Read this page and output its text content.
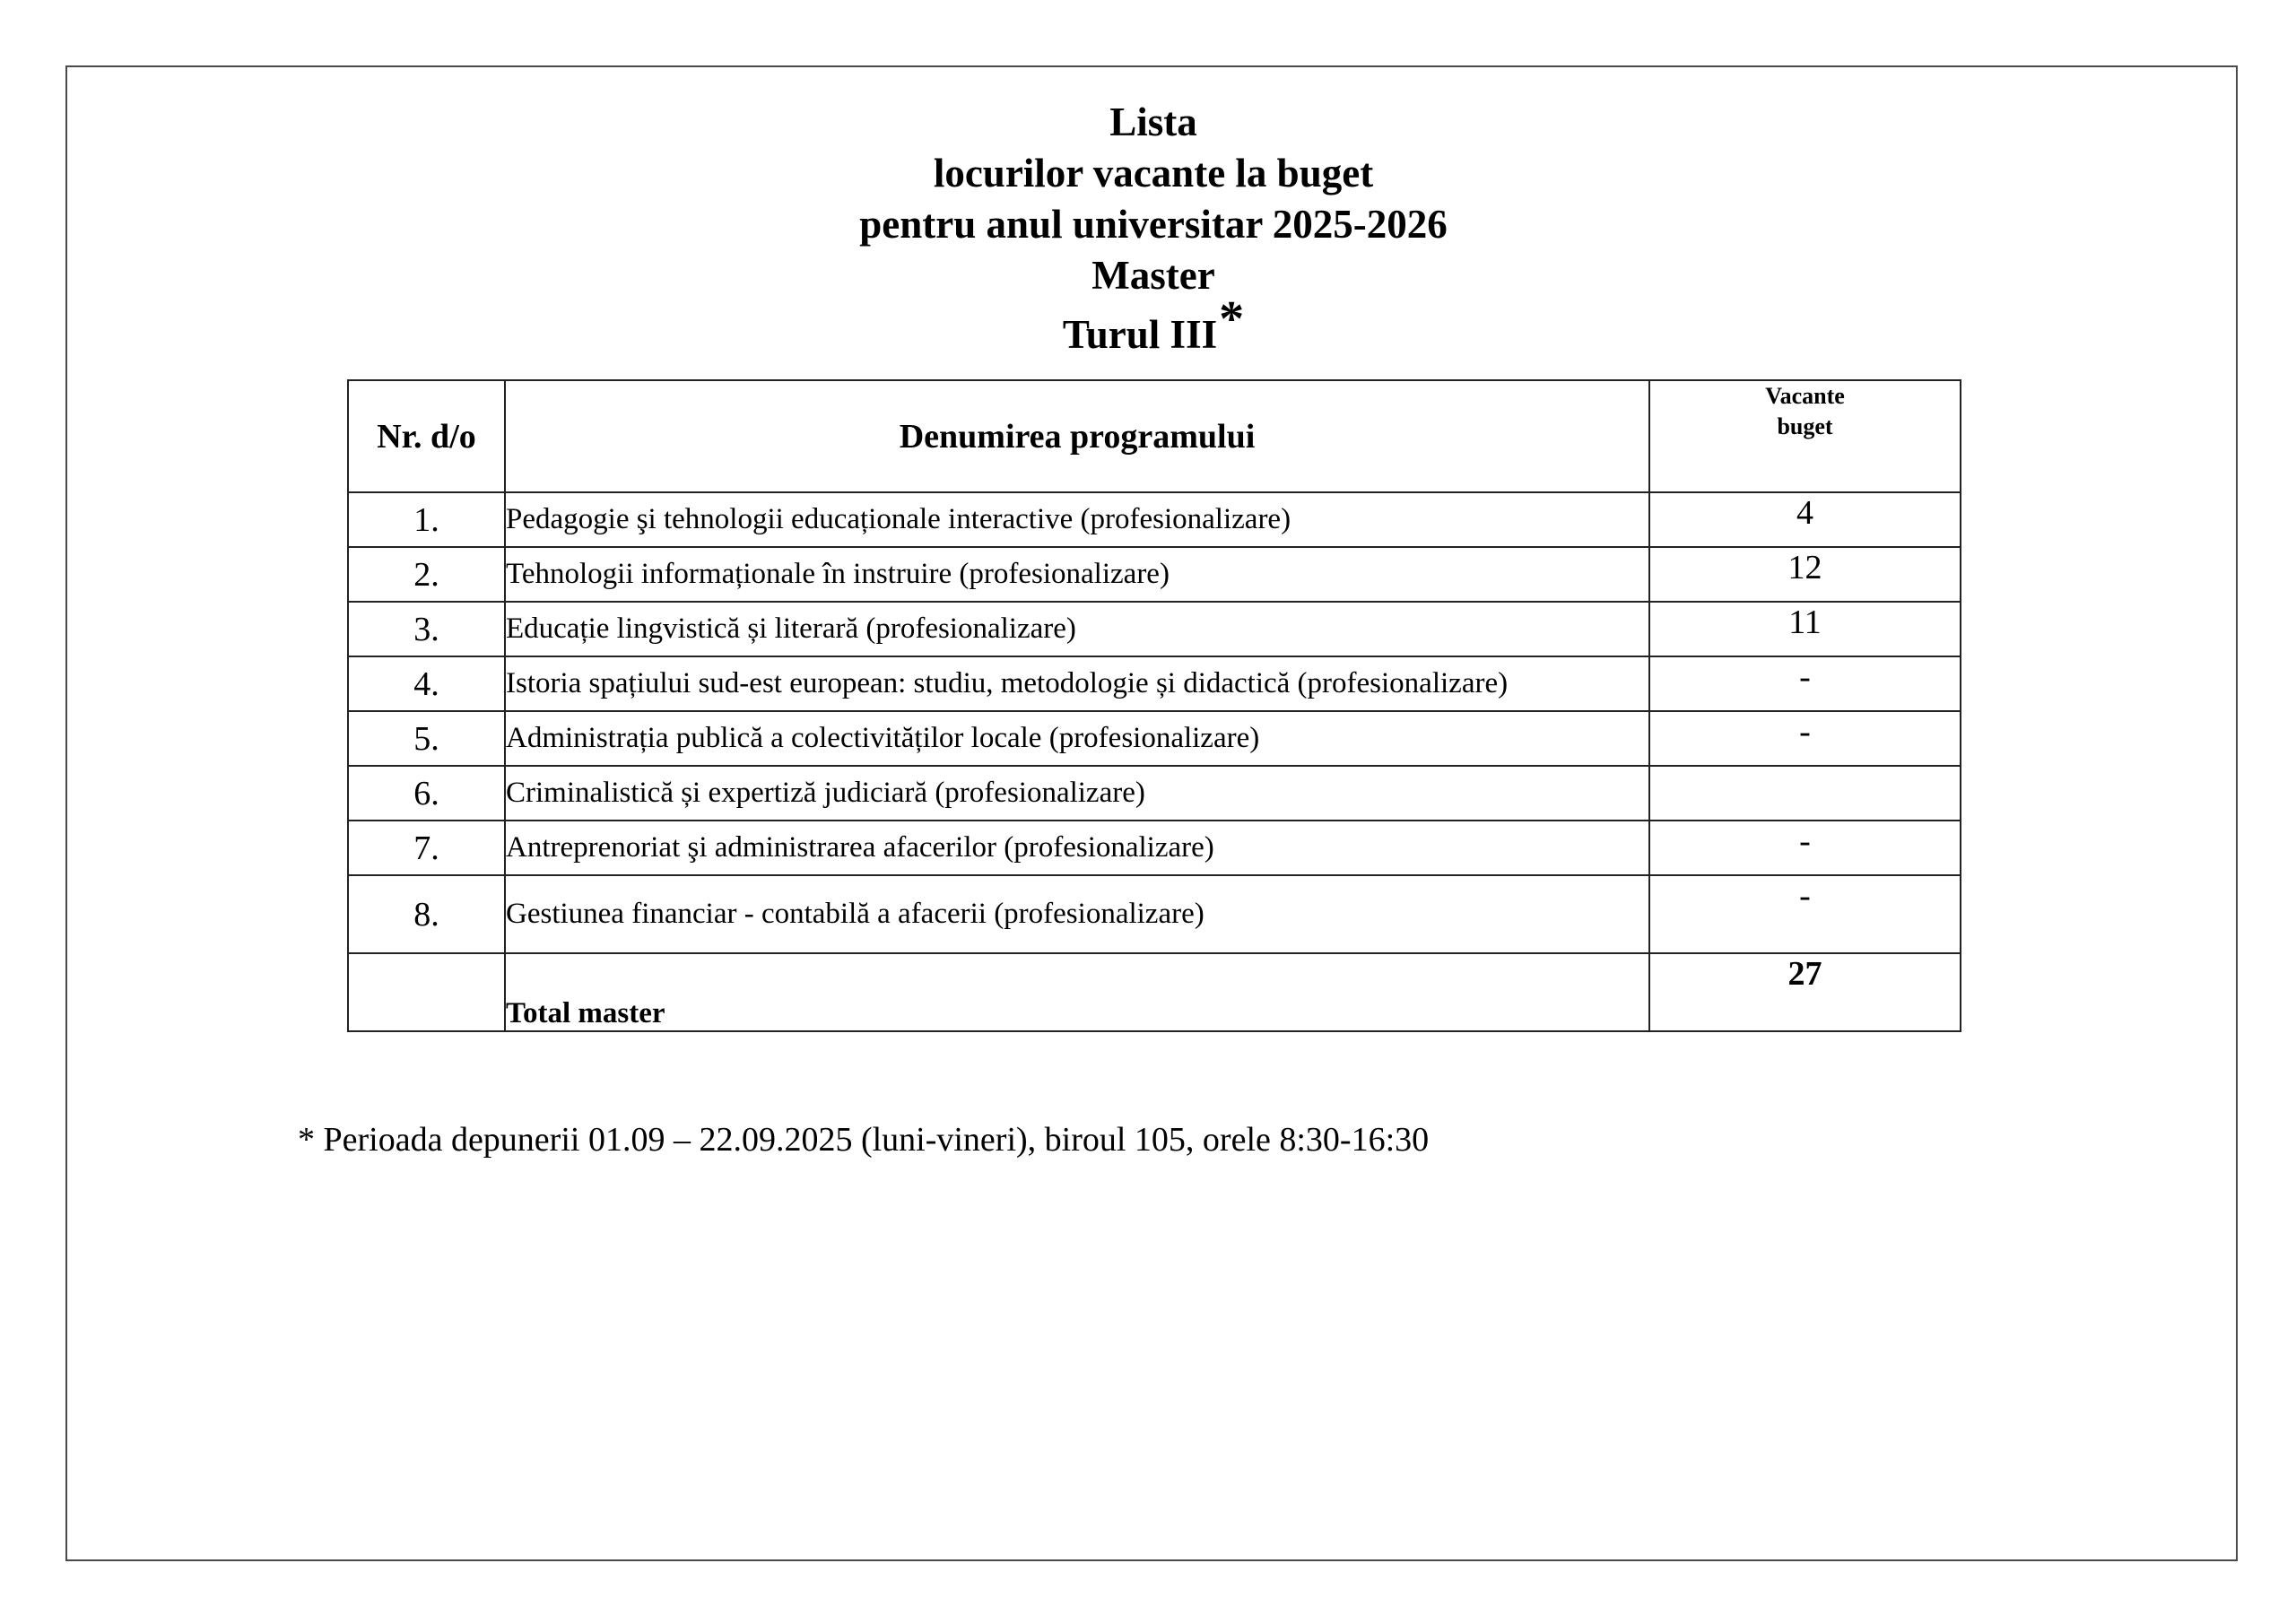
Lista
locurilor vacante la buget
pentru anul universitar 2025-2026
Master
Turul III*
Nr. d/o	Denumirea programului	Vacante
buget

1.	Pedagogie şi tehnologii educaționale interactive (profesionalizare)	4
2.	Tehnologii informaționale în instruire (profesionalizare)	12
3.	Educație lingvistică și literară (profesionalizare)	11
4.	Istoria spațiului sud-est european: studiu, metodologie și didactică (profesionalizare)	-
5.	Administrația publică a colectivităților locale (profesionalizare)	-
6.	Criminalistică și expertiză judiciară (profesionalizare)	
7.	Antreprenoriat şi administrarea afacerilor (profesionalizare)	-
8.	Gestiunea financiar - contabilă a afacerii (profesionalizare)	-
	Total master	27
* Perioada depunerii 01.09 – 22.09.2025 (luni-vineri), biroul 105, orele 8:30-16:30
